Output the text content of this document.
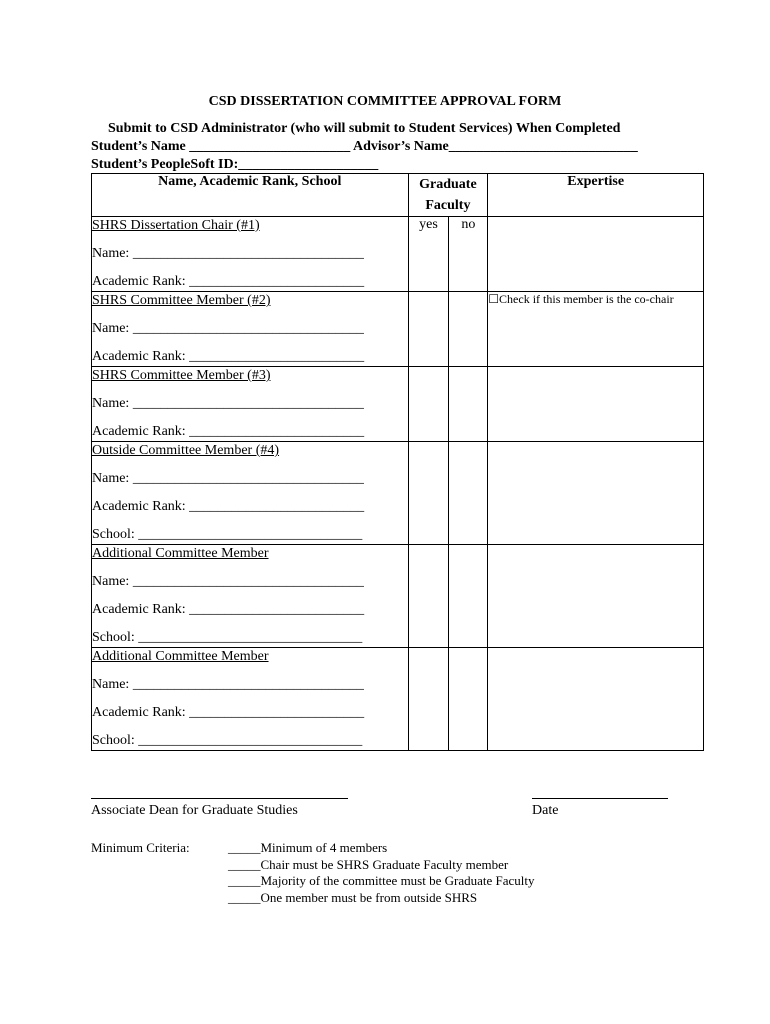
CSD DISSERTATION COMMITTEE APPROVAL FORM
Submit to CSD Administrator (who will submit to Student Services) When Completed
Student’s Name _______________________ Advisor’s Name___________________________
Student’s PeopleSoft ID:____________________
Name, Academic Rank, School	Graduate
Faculty		Expertise

SHRS Dissertation Chair (#1)
Name: _________________________________
Academic Rank: _________________________	yes	no	

SHRS Committee Member (#2)
Name: _________________________________
Academic Rank: _________________________			☐Check if this member is the co-chair

SHRS Committee Member (#3)
Name: _________________________________
Academic Rank: _________________________			

Outside Committee Member (#4)
Name: _________________________________
Academic Rank: _________________________
School: ________________________________			

Additional Committee Member
Name: _________________________________
Academic Rank: _________________________
School: ________________________________			

Additional Committee Member
Name: _________________________________
Academic Rank: _________________________
School: ________________________________			

Associate Dean for Graduate Studies	Date
Minimum Criteria:	_____Minimum of 4 members
_____Chair must be SHRS Graduate Faculty member
_____Majority of the committee must be Graduate Faculty
_____One member must be from outside SHRS
